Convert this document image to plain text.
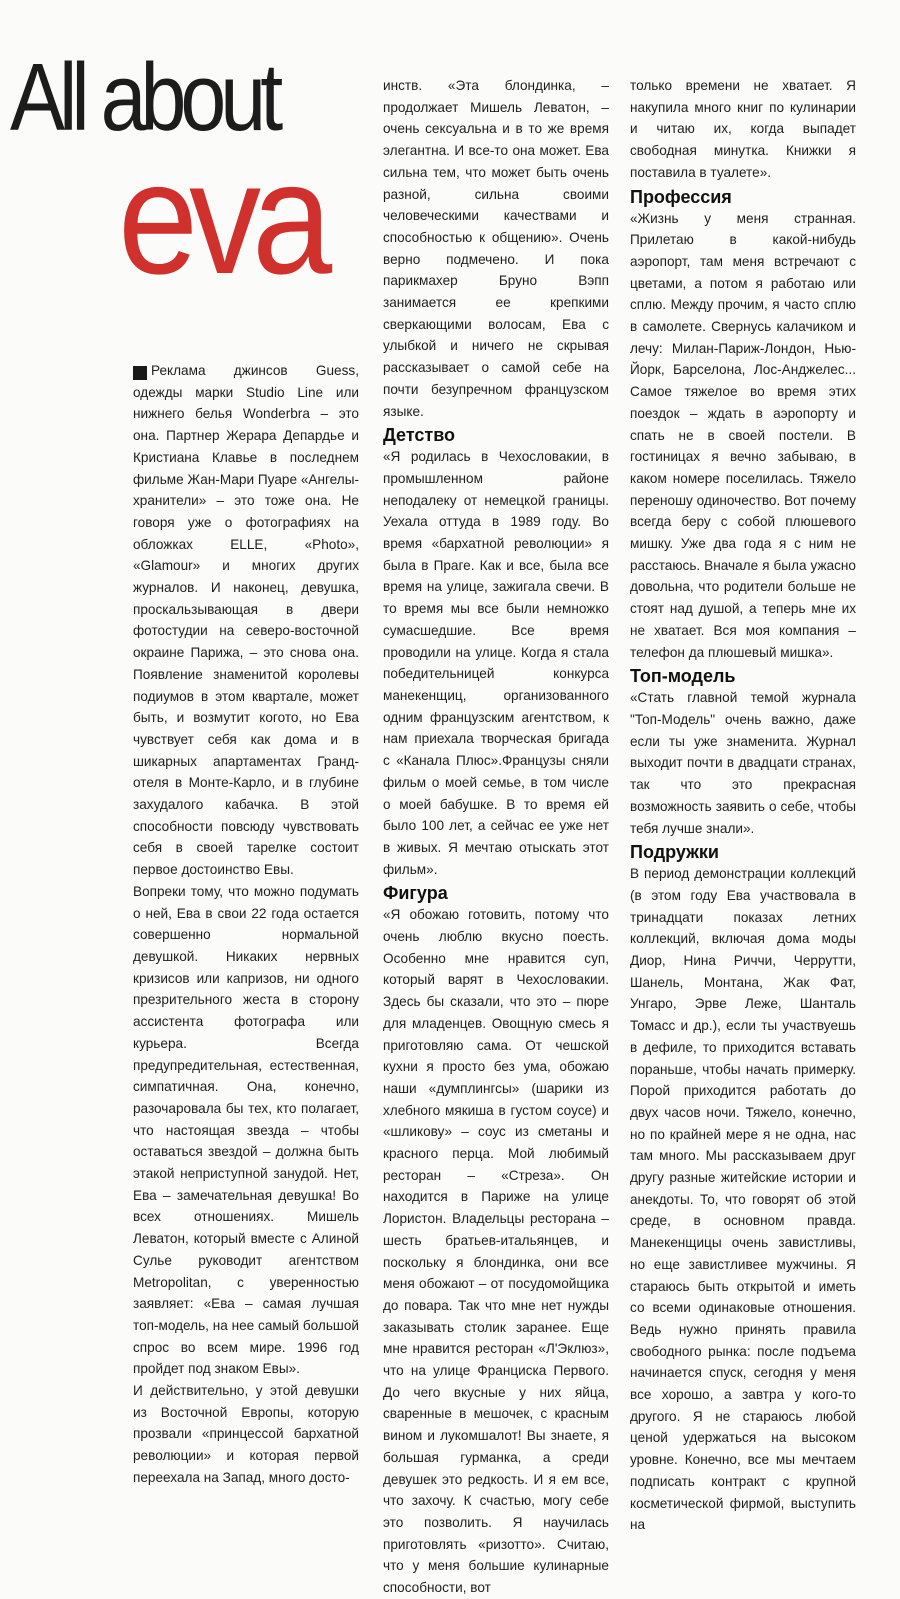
All about
eva

Реклама джинсов Guess, одежды марки Studio Line или нижнего белья Wonderbra – это она. Партнер Жерара Депардье и Кристиана Клавье в последнем фильме Жан-Мари Пуаре «Ангелы-хранители» – это тоже она. Не говоря уже о фотографиях на обложках ELLE, «Photo», «Glamour» и многих других журналов. И наконец, девушка, проскальзывающая в двери фотостудии на северо-восточной окраине Парижа, – это снова она. Появление знаменитой королевы подиумов в этом квартале, может быть, и возмутит когото, но Ева чувствует себя как дома и в шикарных апартаментах Гранд-отеля в Монте-Карло, и в глубине захудалого кабачка. В этой способности повсюду чувствовать себя в своей тарелке состоит первое достоинство Евы.

Вопреки тому, что можно подумать о ней, Ева в свои 22 года остается совершенно нормальной девушкой. Никаких нервных кризисов или капризов, ни одного презрительного жеста в сторону ассистента фотографа или курьера. Всегда предупредительная, естественная, симпатичная. Она, конечно, разочаровала бы тех, кто полагает, что настоящая звезда – чтобы оставаться звездой – должна быть этакой неприступной занудой. Нет, Ева – замечательная девушка! Во всех отношениях. Мишель Леватон, который вместе с Алиной Сулье руководит агентством Metropolitan, с уверенностью заявляет: «Ева – самая лучшая топ-модель, на нее самый большой спрос во всем мире. 1996 год пройдет под знаком Евы».

И действительно, у этой девушки из Восточной Европы, которую прозвали «принцессой бархатной революции» и которая первой переехала на Запад, много досто-

инств. «Эта блондинка, – продолжает Мишель Леватон, – очень сексуальна и в то же время элегантна. И все-то она может. Ева сильна тем, что может быть очень разной, сильна своими человеческими качествами и способностью к общению». Очень верно подмечено. И пока парикмахер Бруно Вэпп занимается ее крепкими сверкающими волосам, Ева с улыбкой и ничего не скрывая рассказывает о самой себе на почти безупречном французском языке.

Детство

«Я родилась в Чехословакии, в промышленном районе неподалеку от немецкой границы. Уехала оттуда в 1989 году. Во время «бархатной революции» я была в Праге. Как и все, была все время на улице, зажигала свечи. В то время мы все были немножко сумасшедшие. Все время проводили на улице. Когда я стала победительницей конкурса манекенщиц, организованного одним французским агентством, к нам приехала творческая бригада с «Канала Плюс».Французы сняли фильм о моей семье, в том числе о моей бабушке. В то время ей было 100 лет, а сейчас ее уже нет в живых. Я мечтаю отыскать этот фильм».

Фигура

«Я обожаю готовить, потому что очень люблю вкусно поесть. Особенно мне нравится суп, который варят в Чехословакии. Здесь бы сказали, что это – пюре для младенцев. Овощную смесь я приготовляю сама. От чешской кухни я просто без ума, обожаю наши «думплингсы» (шарики из хлебного мякиша в густом соусе) и «шликову» – соус из сметаны и красного перца. Мой любимый ресторан – «Стреза». Он находится в Париже на улице Лористон. Владельцы ресторана – шесть братьев-итальянцев, и поскольку я блондинка, они все меня обожают – от посудомойщика до повара. Так что мне нет нужды заказывать столик заранее. Еще мне нравится ресторан «Л'Эклюз», что на улице Франциска Первого. До чего вкусные у них яйца, сваренные в мешочек, с красным вином и лукомшалот! Вы знаете, я большая гурманка, а среди девушек это редкость. И я ем все, что захочу. К счастью, могу себе это позволить. Я научилась приготовлять «ризотто». Считаю, что у меня большие кулинарные способности, вот

только времени не хватает. Я накупила много книг по кулинарии и читаю их, когда выпадет свободная минутка. Книжки я поставила в туалете».

Профессия

«Жизнь у меня странная. Прилетаю в какой-нибудь аэропорт, там меня встречают с цветами, а потом я работаю или сплю. Между прочим, я часто сплю в самолете. Свернусь калачиком и лечу: Милан-Париж-Лондон, Нью-Йорк, Барселона, Лос-Анджелес... Самое тяжелое во время этих поездок – ждать в аэропорту и спать не в своей постели. В гостиницах я вечно забываю, в каком номере поселилась. Тяжело переношу одиночество. Вот почему всегда беру с собой плюшевого мишку. Уже два года я с ним не расстаюсь. Вначале я была ужасно довольна, что родители больше не стоят над душой, а теперь мне их не хватает. Вся моя компания – телефон да плюшевый мишка».

Топ-модель

«Стать главной темой журнала "Топ-Модель" очень важно, даже если ты уже знаменита. Журнал выходит почти в двадцати странах, так что это прекрасная возможность заявить о себе, чтобы тебя лучше знали».

Подружки

В период демонстрации коллекций (в этом году Ева участвовала в тринадцати показах летних коллекций, включая дома моды Диор, Нина Риччи, Черрутти, Шанель, Монтана, Жак Фат, Унгаро, Эрве Леже, Шанталь Томасс и др.), если ты участвуешь в дефиле, то приходится вставать пораньше, чтобы начать примерку. Порой приходится работать до двух часов ночи. Тяжело, конечно, но по крайней мере я не одна, нас там много. Мы рассказываем друг другу разные житейские истории и анекдоты. То, что говорят об этой среде, в основном правда. Манекенщицы очень завистливы, но еще завистливее мужчины. Я стараюсь быть открытой и иметь со всеми одинаковые отношения. Ведь нужно принять правила свободного рынка: после подъема начинается спуск, сегодня у меня все хорошо, а завтра у кого-то другого. Я не стараюсь любой ценой удержаться на высоком уровне. Конечно, все мы мечтаем подписать контракт с крупной косметической фирмой, выступить на
